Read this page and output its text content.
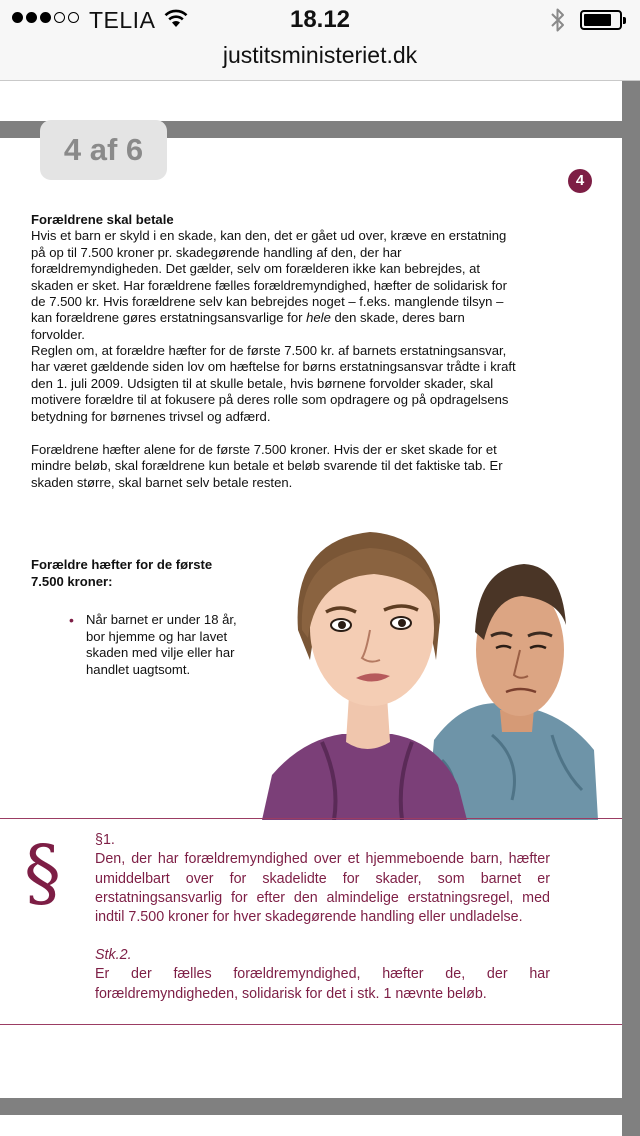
TELIA	18.12
justitsministeriet.dk
4 af 6
4

Forældrene skal betale
Hvis et barn er skyld i en skade, kan den, det er gået ud over, kræve en erstatning på op til 7.500 kroner pr. skadegørende handling af den, der har forældremyndigheden. Det gælder, selv om forælderen ikke kan bebrejdes, at skaden er sket. Har forældrene fælles forældremyndighed, hæfter de solidarisk for de 7.500 kr. Hvis forældrene selv kan bebrejdes noget – f.eks. manglende tilsyn – kan forældrene gøres erstatningsansvarlige for hele den skade, deres barn forvolder.

Reglen om, at forældre hæfter for de første 7.500 kr. af barnets erstatningsansvar, har været gældende siden lov om hæftelse for børns erstatningsansvar trådte i kraft den 1. juli 2009. Udsigten til at skulle betale, hvis børnene forvolder skader, skal motivere forældre til at fokusere på deres rolle som opdragere og på opdragelsens betydning for børnenes trivsel og adfærd.

Forældrene hæfter alene for de første 7.500 kroner. Hvis der er sket skade for et mindre beløb, skal forældrene kun betale et beløb svarende til det faktiske tab. Er skaden større, skal barnet selv betale resten.

Forældre hæfter for de første 7.500 kroner:
• Når barnet er under 18 år, bor hjemme og har lavet skaden med vilje eller har handlet uagtsomt.
§ §1.
Den, der har forældremyndighed over et hjemmeboende barn, hæfter umiddelbart over for skadelidte for skader, som barnet er erstatningsansvarlig for efter den almindelige erstatningsregel, med indtil 7.500 kroner for hver skadegørende handling eller undladelse.

Stk.2.
Er der fælles forældremyndighed, hæfter de, der har forældremyndigheden, solidarisk for det i stk. 1 nævnte beløb.
